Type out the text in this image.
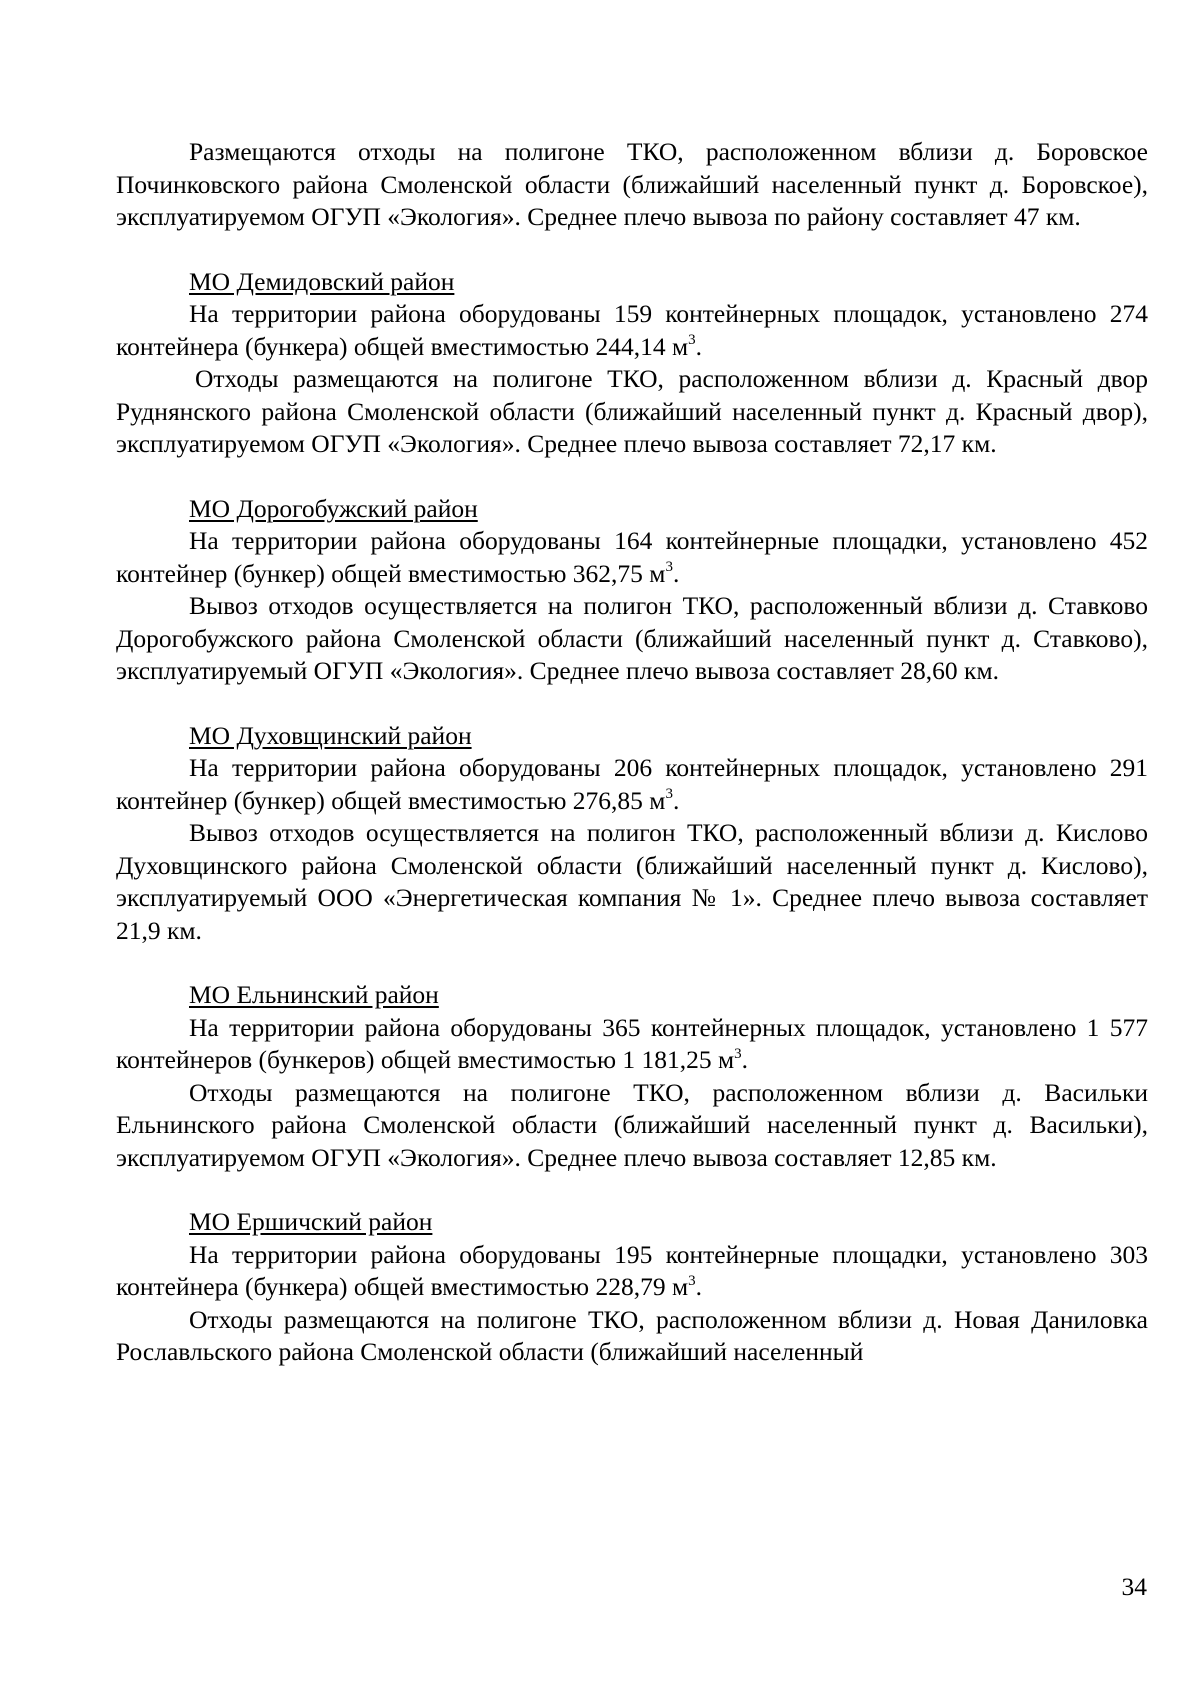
Размещаются отходы на полигоне ТКО, расположенном вблизи д. Боровское Починковского района Смоленской области (ближайший населенный пункт д. Боровское), эксплуатируемом ОГУП «Экология». Среднее плечо вывоза по району составляет 47 км.

МО Демидовский район

На территории района оборудованы 159 контейнерных площадок, установлено 274 контейнера (бункера) общей вместимостью 244,14 $м^3$.

Отходы размещаются на полигоне ТКО, расположенном вблизи д. Красный двор Руднянского района Смоленской области (ближайший населенный пункт д. Красный двор), эксплуатируемом ОГУП «Экология». Среднее плечо вывоза составляет 72,17 км.

МО Дорогобужский район

На территории района оборудованы 164 контейнерные площадки, установлено 452 контейнер (бункер) общей вместимостью 362,75 $м^3$.

Вывоз отходов осуществляется на полигон ТКО, расположенный вблизи д. Ставково Дорогобужского района Смоленской области (ближайший населенный пункт д. Ставково), эксплуатируемый ОГУП «Экология». Среднее плечо вывоза составляет 28,60 км.

МО Духовщинский район

На территории района оборудованы 206 контейнерных площадок, установлено 291 контейнер (бункер) общей вместимостью 276,85 $м^3$.

Вывоз отходов осуществляется на полигон ТКО, расположенный вблизи д. Кислово Духовщинского района Смоленской области (ближайший населенный пункт д. Кислово), эксплуатируемый ООО «Энергетическая компания № 1». Среднее плечо вывоза составляет 21,9 км.

МО Ельнинский район

На территории района оборудованы 365 контейнерных площадок, установлено 1 577 контейнеров (бункеров) общей вместимостью 1 181,25 $м^3$.

Отходы размещаются на полигоне ТКО, расположенном вблизи д. Васильки Ельнинского района Смоленской области (ближайший населенный пункт д. Васильки), эксплуатируемом ОГУП «Экология». Среднее плечо вывоза составляет 12,85 км.

МО Ершичский район

На территории района оборудованы 195 контейнерные площадки, установлено 303 контейнера (бункера) общей вместимостью 228,79 $м^3$.

Отходы размещаются на полигоне ТКО, расположенном вблизи д. Новая Даниловка Рославльского района Смоленской области (ближайший населенный

34
